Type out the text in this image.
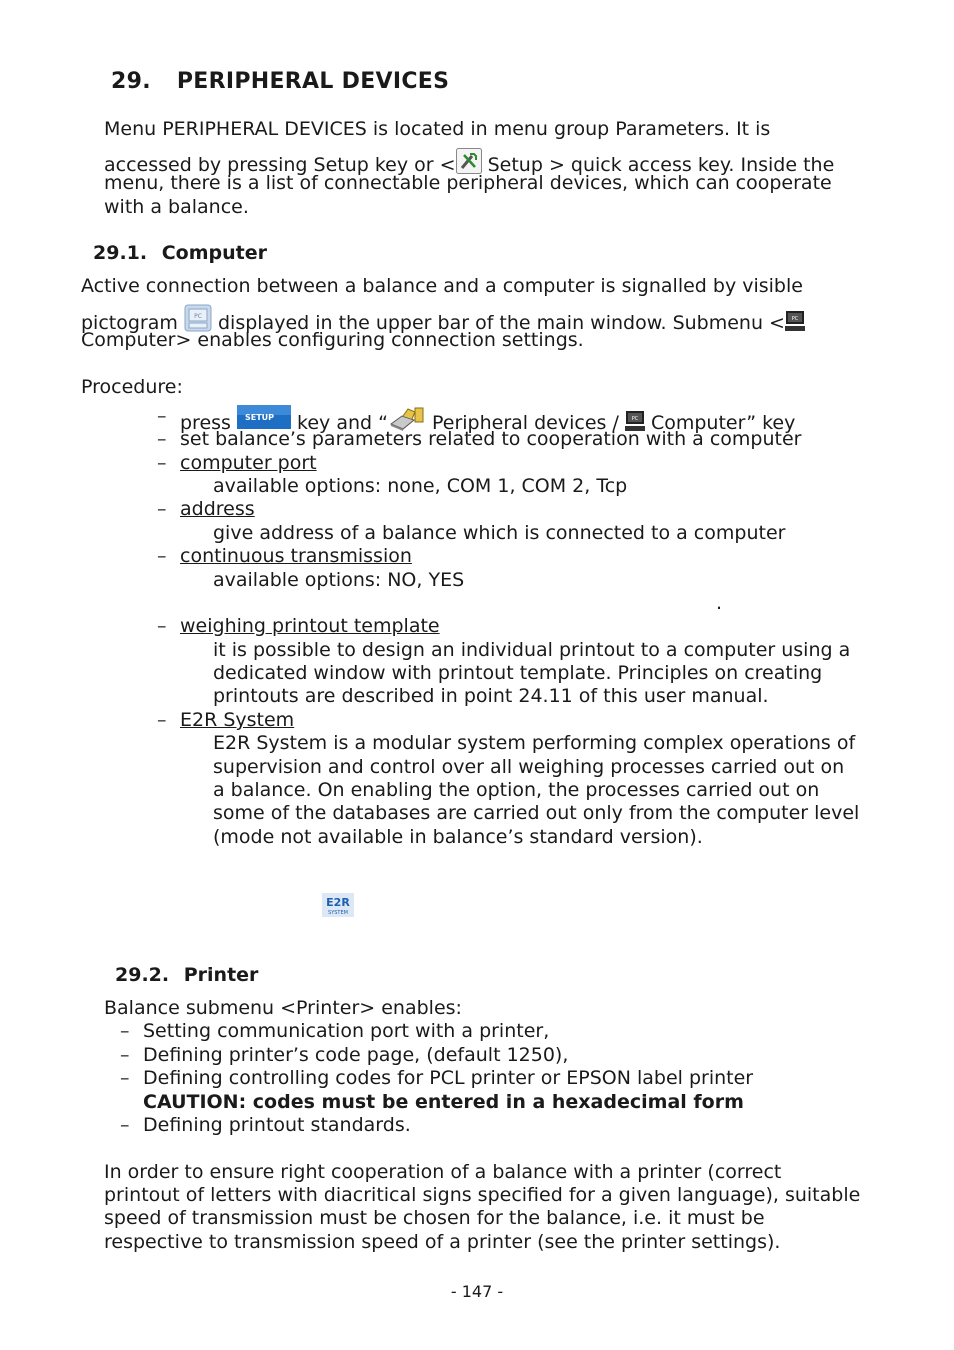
29. PERIPHERAL DEVICES

Menu PERIPHERAL DEVICES is located in menu group Parameters. It is

accessed by pressing Setup key or < Setup > quick access key. Inside the

menu, there is a list of connectable peripheral devices, which can cooperate

with a balance.

29.1. Computer

Active connection between a balance and a computer is signalled by visible

pictogram PC displayed in the upper bar of the main window. Submenu < PC

Computer> enables configuring connection settings.

Procedure:

– press SETUP key and “ Peripheral devices / PC Computer” key

– set balance’s parameters related to cooperation with a computer

– computer port

available options: none, COM 1, COM 2, Tcp

– address

give address of a balance which is connected to a computer

– continuous transmission

available options: NO, YES

.

– weighing printout template

it is possible to design an individual printout to a computer using a

dedicated window with printout template. Principles on creating

printouts are described in point 24.11 of this user manual.

– E2R System

E2R System is a modular system performing complex operations of

supervision and control over all weighing processes carried out on

a balance. On enabling the option, the processes carried out on

some of the databases are carried out only from the computer level

(mode not available in balance’s standard version).

E2R
SYSTEM
29.2. Printer

Balance submenu <Printer> enables:

– Setting communication port with a printer,

– Defining printer’s code page, (default 1250),

– Defining controlling codes for PCL printer or EPSON label printer

CAUTION: codes must be entered in a hexadecimal form

– Defining printout standards.

In order to ensure right cooperation of a balance with a printer (correct

printout of letters with diacritical signs specified for a given language), suitable

speed of transmission must be chosen for the balance, i.e. it must be

respective to transmission speed of a printer (see the printer settings).

- 147 -
